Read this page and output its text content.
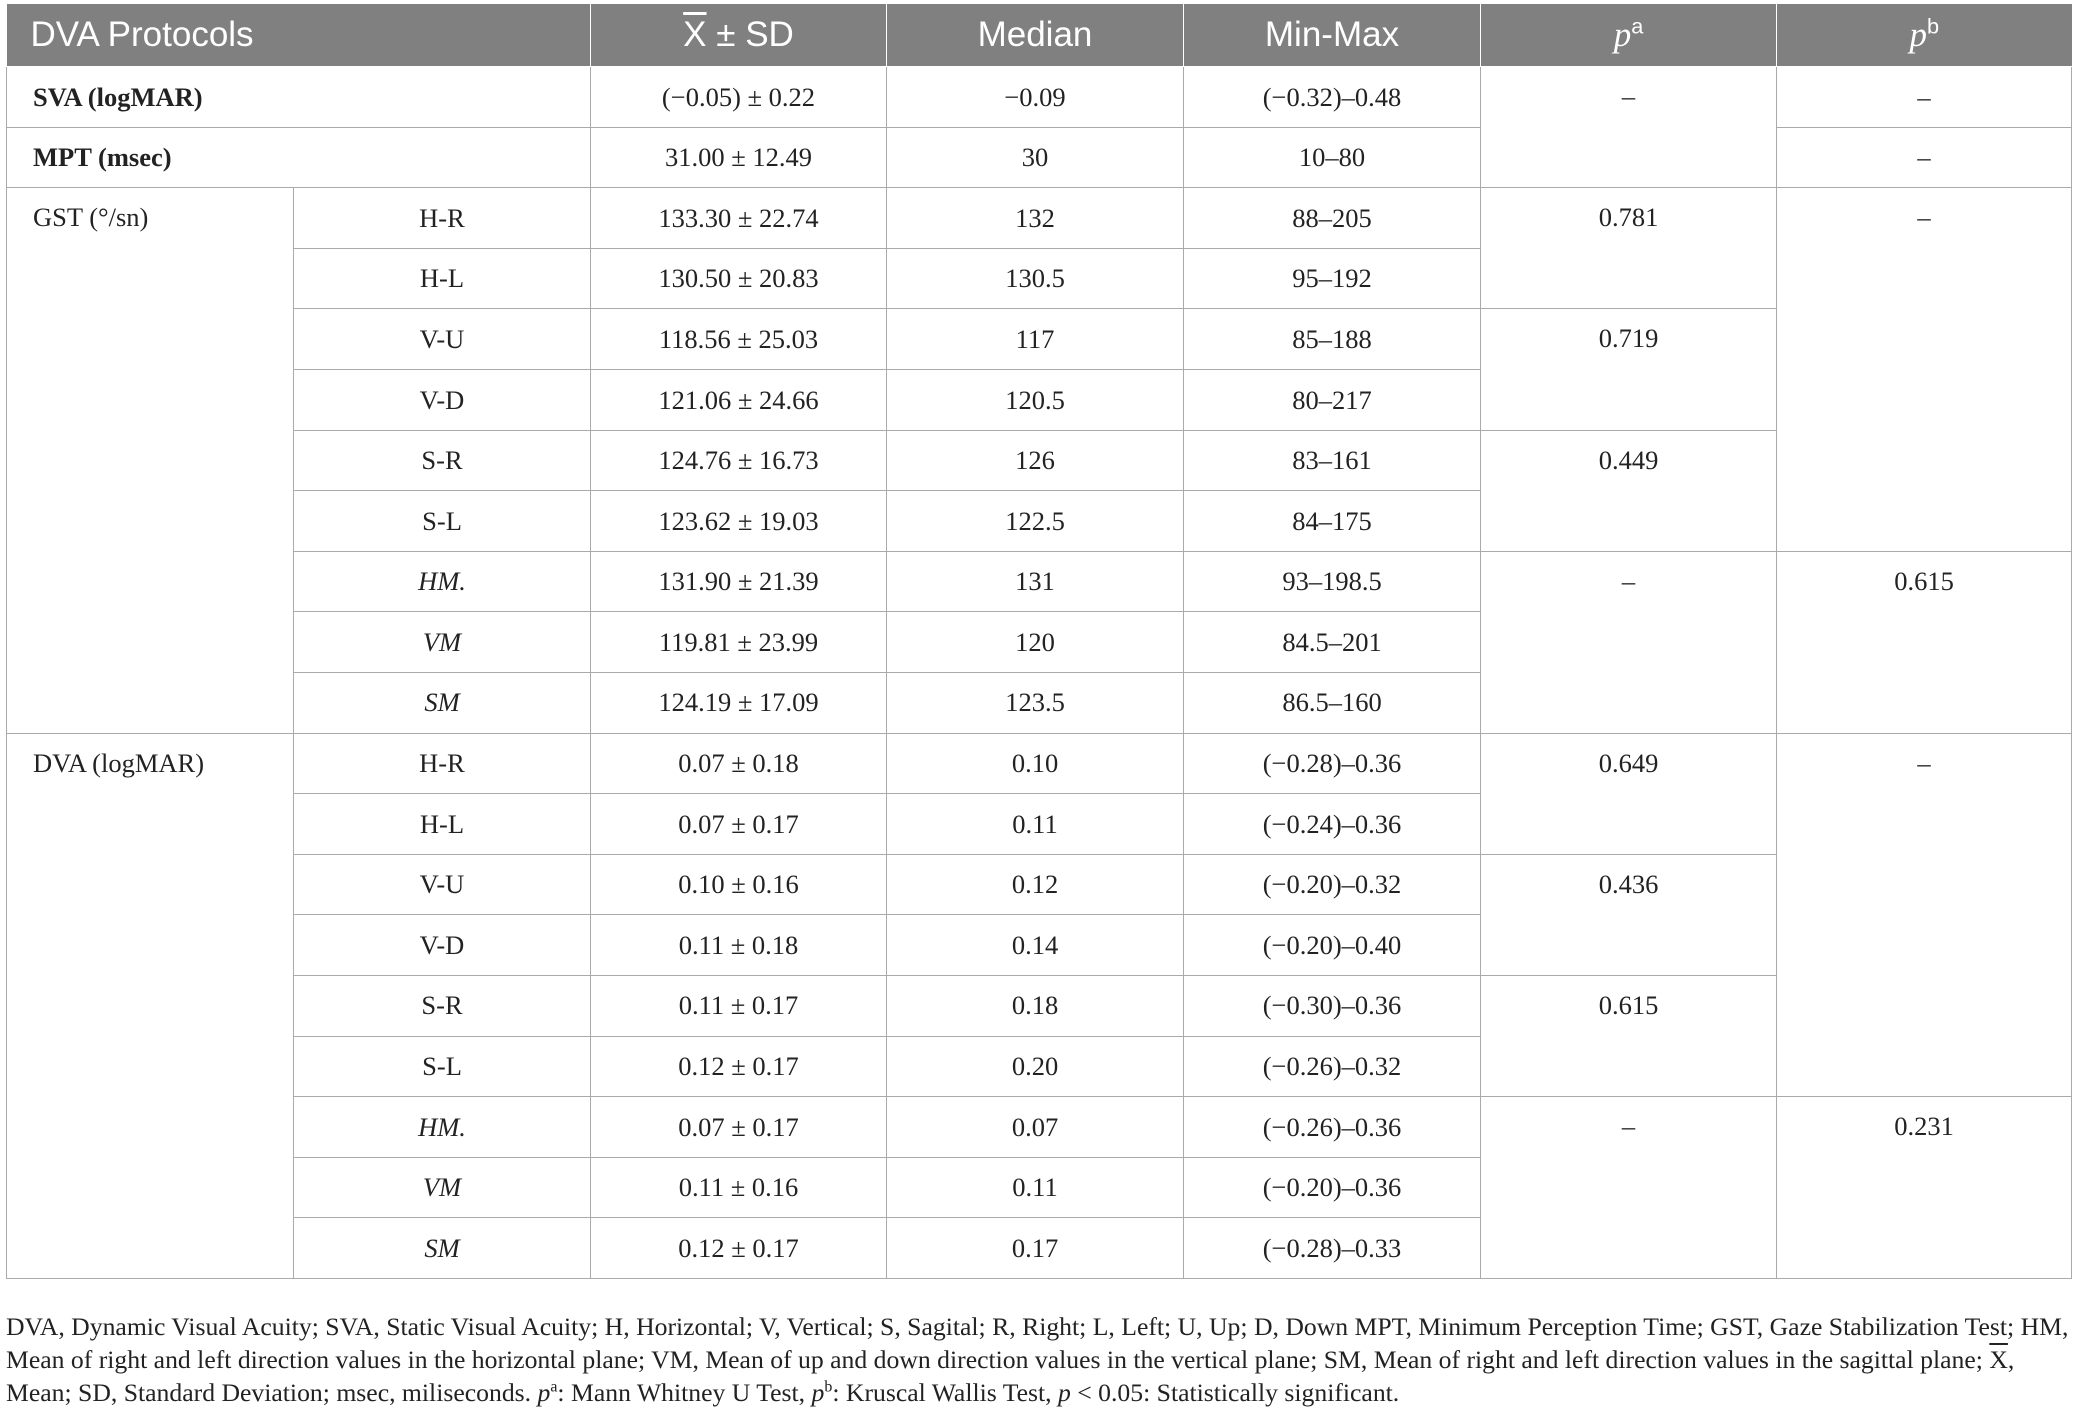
DVA Protocols		$\overline{X}$ ± SD	Median	Min-Max	$p^a$	$p^b$
SVA (logMAR)		(−0.05) ± 0.22	−0.09	(−0.32)–0.48	–	–
MPT (msec)		31.00 ± 12.49	30	10–80		–
GST (°/sn)	H-R	133.30 ± 22.74	132	88–205	0.781	–
	H-L	130.50 ± 20.83	130.5	95–192		
	V-U	118.56 ± 25.03	117	85–188	0.719	
	V-D	121.06 ± 24.66	120.5	80–217		
	S-R	124.76 ± 16.73	126	83–161	0.449	
	S-L	123.62 ± 19.03	122.5	84–175		
	HM.	131.90 ± 21.39	131	93–198.5	–	0.615
	VM	119.81 ± 23.99	120	84.5–201		
	SM	124.19 ± 17.09	123.5	86.5–160		
DVA (logMAR)	H-R	0.07 ± 0.18	0.10	(−0.28)–0.36	0.649	–
	H-L	0.07 ± 0.17	0.11	(−0.24)–0.36		
	V-U	0.10 ± 0.16	0.12	(−0.20)–0.32	0.436	
	V-D	0.11 ± 0.18	0.14	(−0.20)–0.40		
	S-R	0.11 ± 0.17	0.18	(−0.30)–0.36	0.615	
	S-L	0.12 ± 0.17	0.20	(−0.26)–0.32		
	HM.	0.07 ± 0.17	0.07	(−0.26)–0.36	–	0.231
	VM	0.11 ± 0.16	0.11	(−0.20)–0.36		
	SM	0.12 ± 0.17	0.17	(−0.28)–0.33		
DVA, Dynamic Visual Acuity; SVA, Static Visual Acuity; H, Horizontal; V, Vertical; S, Sagital; R, Right; L, Left; U, Up; D, Down MPT, Minimum Perception Time; GST, Gaze Stabilization Test; HM, Mean of right and left direction values in the horizontal plane; VM, Mean of up and down direction values in the vertical plane; SM, Mean of right and left direction values in the sagittal plane; $\overline{X}$, Mean; SD, Standard Deviation; msec, miliseconds. $p^a$: Mann Whitney U Test, $p^b$: Kruscal Wallis Test, p < 0.05: Statistically significant.
